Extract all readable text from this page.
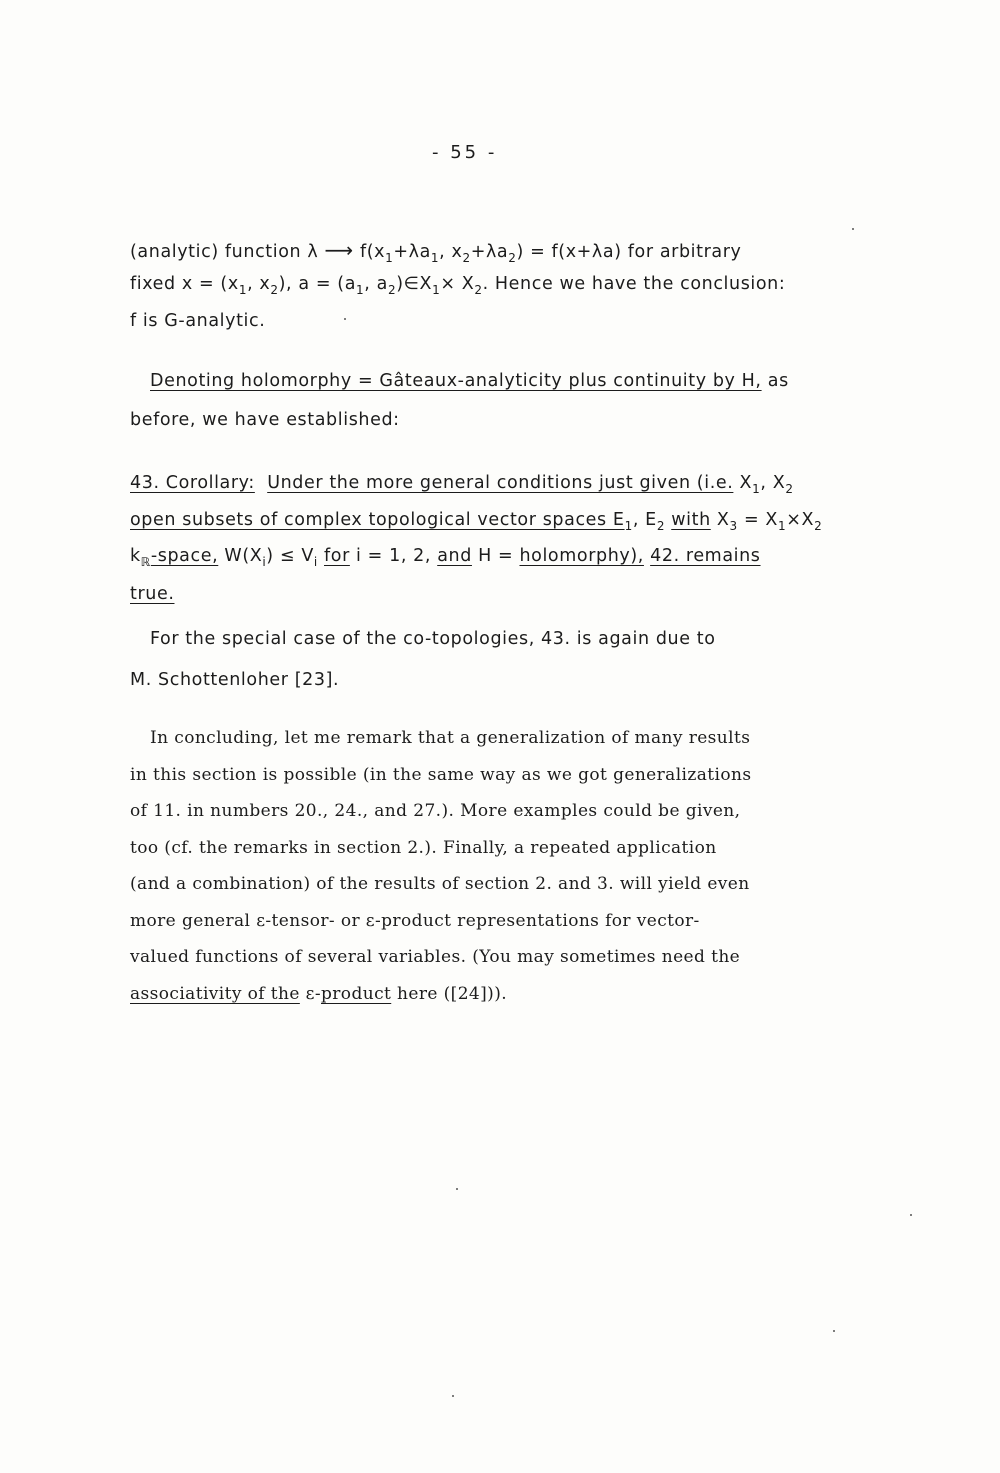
- 55 -
(analytic) function λ ⟶ $f(x_1+\lambda a_1$, $x_2+\lambda a_2) = f(x+\lambda a)$ for arbitrary
fixed $x = (x_1$, $x_2$), $a = (a_1$, $a_2)\in X_1\times X_2$. Hence we have the conclusion:
f is G-analytic.
Denoting holomorphy = Gâteaux-analyticity plus continuity by H, as
before, we have established:
43. Corollary: Under the more general conditions just given (i.e. $X_1$, $X_2$
open subsets of complex topological vector spaces $E_1$, $E_2$ with $X_3 = X_1\times X_2$
$k_ℝ$-space, $W(X_i) \le V_i$ for i = 1, 2, and H = holomorphy), 42. remains
true.
For the special case of the co-topologies, 43. is again due to
M. Schottenloher [23].
In concluding, let me remark that a generalization of many results
in this section is possible (in the same way as we got generalizations
of 11. in numbers 20., 24., and 27.). More examples could be given,
too (cf. the remarks in section 2.). Finally, a repeated application
(and a combination) of the results of section 2. and 3. will yield even
more general ε-tensor- or ε-product representations for vector-
valued functions of several variables. (You may sometimes need the
associativity of the ε-product here ([24])).
